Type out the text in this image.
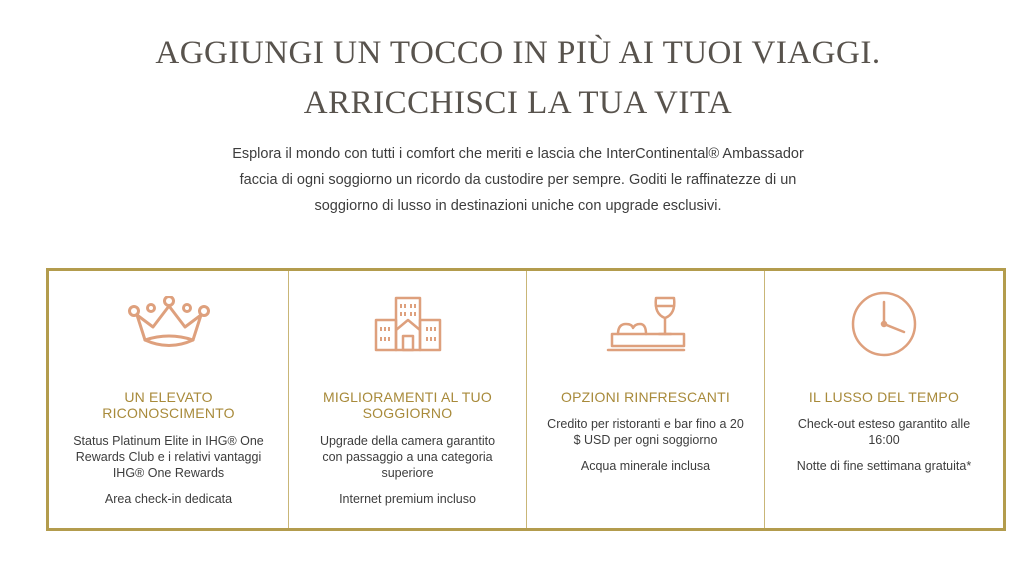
AGGIUNGI UN TOCCO IN PIÙ AI TUOI VIAGGI.
ARRICCHISCI LA TUA VITA

Esplora il mondo con tutti i comfort che meriti e lascia che InterContinental® Ambassador faccia di ogni soggiorno un ricordo da custodire per sempre. Goditi le raffinatezze di un soggiorno di lusso in destinazioni uniche con upgrade esclusivi.

UN ELEVATO RICONOSCIMENTO

Status Platinum Elite in IHG® One Rewards Club e i relativi vantaggi IHG® One Rewards

Area check-in dedicata

MIGLIORAMENTI AL TUO SOGGIORNO

Upgrade della camera garantito con passaggio a una categoria superiore

Internet premium incluso

OPZIONI RINFRESCANTI

Credito per ristoranti e bar fino a 20 $ USD per ogni soggiorno

Acqua minerale inclusa

IL LUSSO DEL TEMPO

Check-out esteso garantito alle 16:00

Notte di fine settimana gratuita*
